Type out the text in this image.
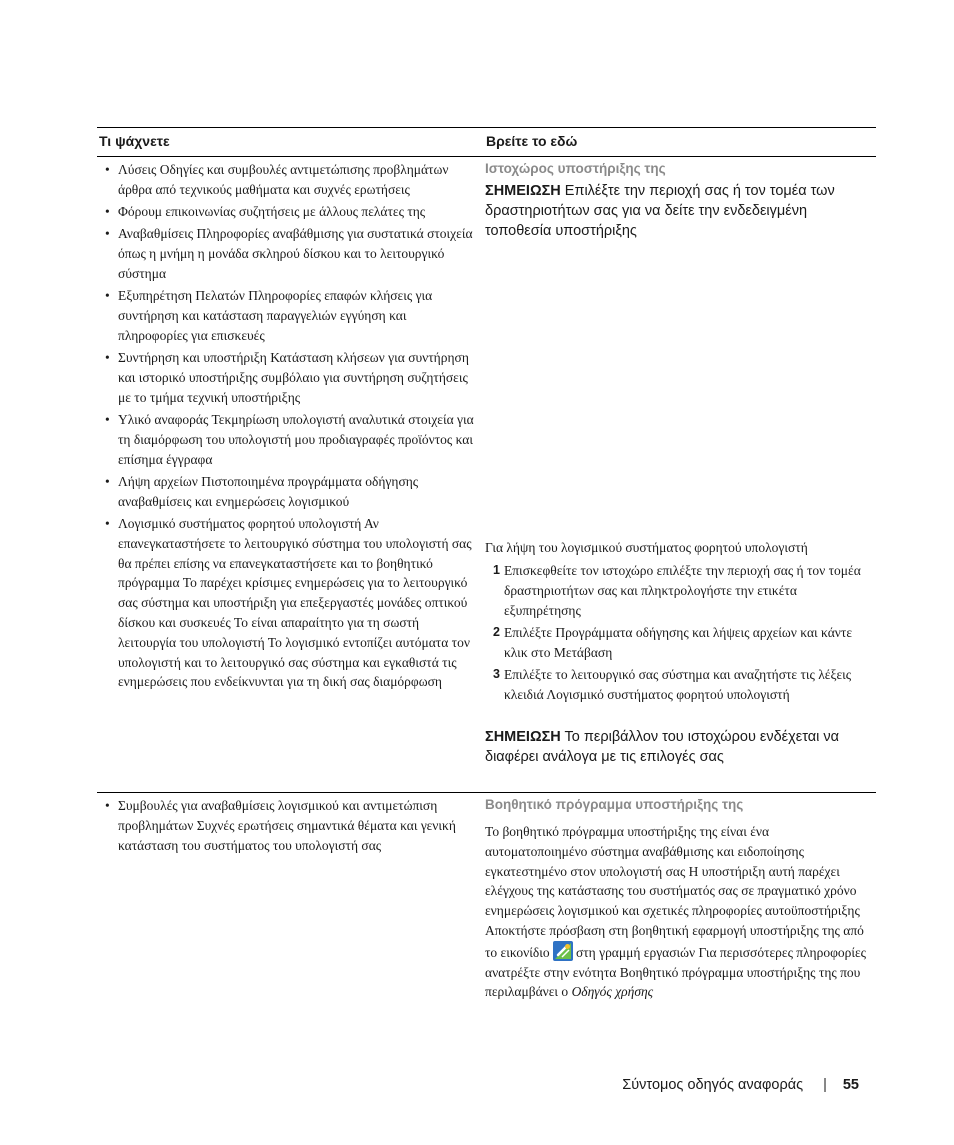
Τι ψάχνετε	Βρείτε το εδώ
• Λύσεις Οδηγίες και συμβουλές αντιμετώπισης προβλημάτων άρθρα από τεχνικούς μαθήματα και συχνές ερωτήσεις
• Φόρουμ επικοινωνίας συζητήσεις με άλλους πελάτες της
• Αναβαθμίσεις Πληροφορίες αναβάθμισης για συστατικά στοιχεία όπως η μνήμη η μονάδα σκληρού δίσκου και το λειτουργικό σύστημα
• Εξυπηρέτηση Πελατών Πληροφορίες επαφών κλήσεις για συντήρηση και κατάσταση παραγγελιών εγγύηση και πληροφορίες για επισκευές
• Συντήρηση και υποστήριξη Κατάσταση κλήσεων για συντήρηση και ιστορικό υποστήριξης συμβόλαιο για συντήρηση συζητήσεις με το τμήμα τεχνική υποστήριξης
• Υλικό αναφοράς Τεκμηρίωση υπολογιστή αναλυτικά στοιχεία για τη διαμόρφωση του υπολογιστή μου προδιαγραφές προϊόντος και επίσημα έγγραφα
• Λήψη αρχείων Πιστοποιημένα προγράμματα οδήγησης αναβαθμίσεις και ενημερώσεις λογισμικού
• Λογισμικό συστήματος φορητού υπολογιστή Αν επανεγκαταστήσετε το λειτουργικό σύστημα του υπολογιστή σας θα πρέπει επίσης να επανεγκαταστήσετε και το βοηθητικό πρόγραμμα Το παρέχει κρίσιμες ενημερώσεις για το λειτουργικό σας σύστημα και υποστήριξη για επεξεργαστές μονάδες οπτικού δίσκου και συσκευές Το είναι απαραίτητο για τη σωστή λειτουργία του υπολογιστή Το λογισμικό εντοπίζει αυτόματα τον υπολογιστή και το λειτουργικό σας σύστημα και εγκαθιστά τις ενημερώσεις που ενδείκνυνται για τη δική σας διαμόρφωση
Ιστοχώρος υποστήριξης της
ΣΗΜΕΙΩΣΗ Επιλέξτε την περιοχή σας ή τον τομέα των δραστηριοτήτων σας για να δείτε την ενδεδειγμένη τοποθεσία υποστήριξης
Για λήψη του λογισμικού συστήματος φορητού υπολογιστή
1 Επισκεφθείτε τον ιστοχώρο επιλέξτε την περιοχή σας ή τον τομέα δραστηριοτήτων σας και πληκτρολογήστε την ετικέτα εξυπηρέτησης
2 Επιλέξτε Προγράμματα οδήγησης και λήψεις αρχείων και κάντε κλικ στο Μετάβαση
3 Επιλέξτε το λειτουργικό σας σύστημα και αναζητήστε τις λέξεις κλειδιά Λογισμικό συστήματος φορητού υπολογιστή
ΣΗΜΕΙΩΣΗ Το περιβάλλον του ιστοχώρου ενδέχεται να διαφέρει ανάλογα με τις επιλογές σας
• Συμβουλές για αναβαθμίσεις λογισμικού και αντιμετώπιση προβλημάτων Συχνές ερωτήσεις σημαντικά θέματα και γενική κατάσταση του συστήματος του υπολογιστή σας
Βοηθητικό πρόγραμμα υποστήριξης της
Το βοηθητικό πρόγραμμα υποστήριξης της είναι ένα αυτοματοποιημένο σύστημα αναβάθμισης και ειδοποίησης εγκατεστημένο στον υπολογιστή σας Η υποστήριξη αυτή παρέχει ελέγχους της κατάστασης του συστήματός σας σε πραγματικό χρόνο ενημερώσεις λογισμικού και σχετικές πληροφορίες αυτοϋποστήριξης Αποκτήστε πρόσβαση στη βοηθητική εφαρμογή υποστήριξης της από το εικονίδιο στη γραμμή εργασιών Για περισσότερες πληροφορίες ανατρέξτε στην ενότητα Βοηθητικό πρόγραμμα υποστήριξης της που περιλαμβάνει ο Οδηγός χρήσης
Σύντομος οδηγός αναφοράς | 55
